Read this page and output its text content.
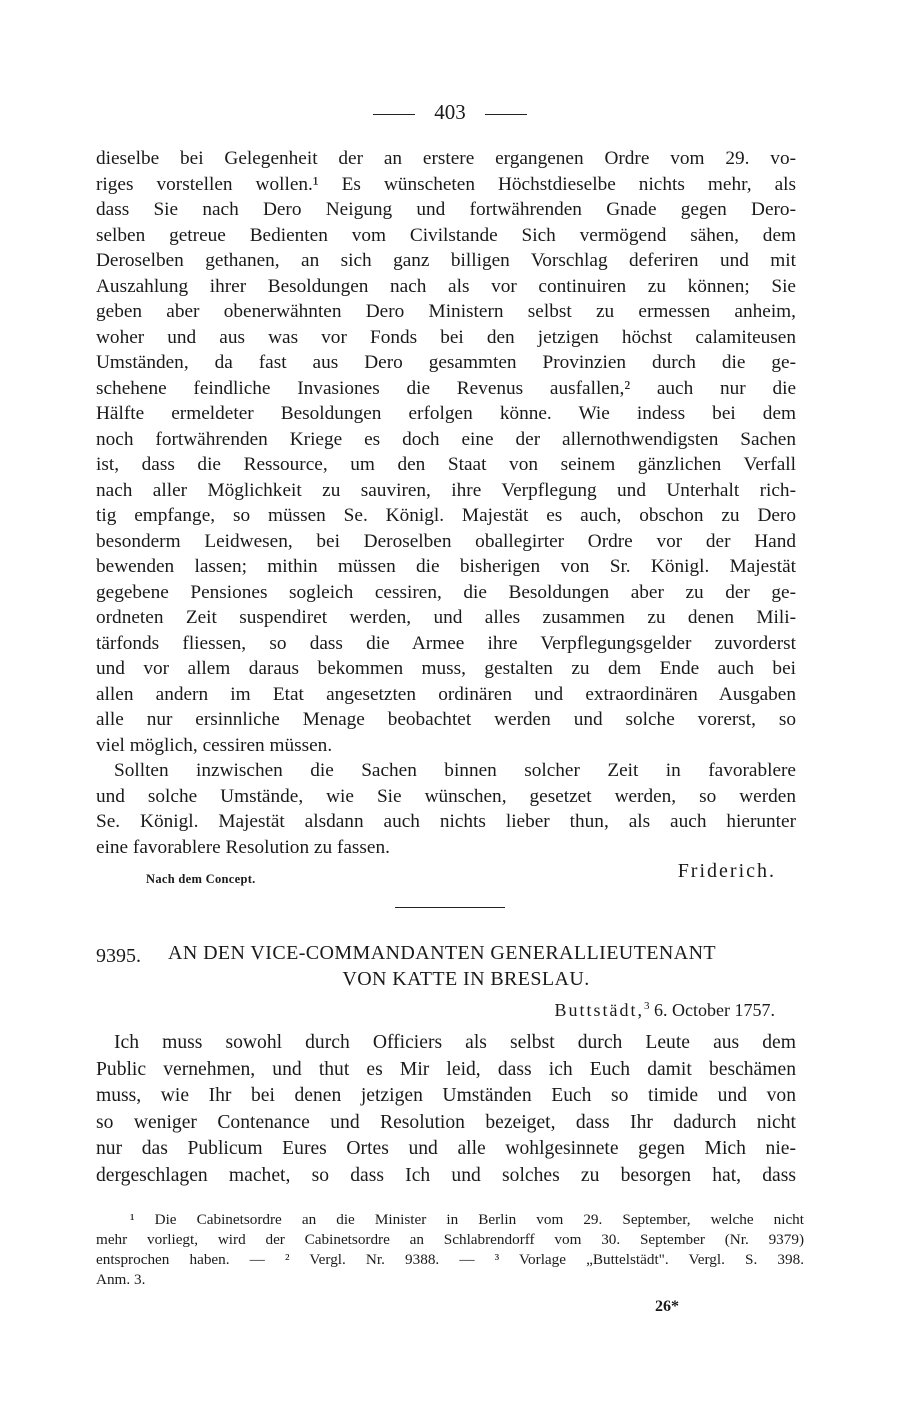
403
dieselbe bei Gelegenheit der an erstere ergangenen Ordre vom 29. vo-
riges vorstellen wollen.¹ Es wünscheten Höchstdieselbe nichts mehr, als
dass Sie nach Dero Neigung und fortwährenden Gnade gegen Dero-
selben getreue Bedienten vom Civilstande Sich vermögend sähen, dem
Deroselben gethanen, an sich ganz billigen Vorschlag deferiren und mit
Auszahlung ihrer Besoldungen nach als vor continuiren zu können; Sie
geben aber obenerwähnten Dero Ministern selbst zu ermessen anheim,
woher und aus was vor Fonds bei den jetzigen höchst calamiteusen
Umständen, da fast aus Dero gesammten Provinzien durch die ge-
schehene feindliche Invasiones die Revenus ausfallen,² auch nur die
Hälfte ermeldeter Besoldungen erfolgen könne. Wie indess bei dem
noch fortwährenden Kriege es doch eine der allernothwendigsten Sachen
ist, dass die Ressource, um den Staat von seinem gänzlichen Verfall
nach aller Möglichkeit zu sauviren, ihre Verpflegung und Unterhalt rich-
tig empfange, so müssen Se. Königl. Majestät es auch, obschon zu Dero
besonderm Leidwesen, bei Deroselben oballegirter Ordre vor der Hand
bewenden lassen; mithin müssen die bisherigen von Sr. Königl. Majestät
gegebene Pensiones sogleich cessiren, die Besoldungen aber zu der ge-
ordneten Zeit suspendiret werden, und alles zusammen zu denen Mili-
tärfonds fliessen, so dass die Armee ihre Verpflegungsgelder zuvorderst
und vor allem daraus bekommen muss, gestalten zu dem Ende auch bei
allen andern im Etat angesetzten ordinären und extraordinären Ausgaben
alle nur ersinnliche Menage beobachtet werden und solche vorerst, so
viel möglich, cessiren müssen.
Sollten inzwischen die Sachen binnen solcher Zeit in favorablere
und solche Umstände, wie Sie wünschen, gesetzet werden, so werden
Se. Königl. Majestät alsdann auch nichts lieber thun, als auch hierunter
eine favorablere Resolution zu fassen.
Nach dem Concept.	Friderich.
9395.	AN DEN VICE-COMMANDANTEN GENERALLIEUTENANT
VON KATTE IN BRESLAU.
Buttstädt,$^3$ 6. October 1757.
Ich muss sowohl durch Officiers als selbst durch Leute aus dem
Public vernehmen, und thut es Mir leid, dass ich Euch damit beschämen
muss, wie Ihr bei denen jetzigen Umständen Euch so timide und von
so weniger Contenance und Resolution bezeiget, dass Ihr dadurch nicht
nur das Publicum Eures Ortes und alle wohlgesinnete gegen Mich nie-
dergeschlagen machet, so dass Ich und solches zu besorgen hat, dass
¹ Die Cabinetsordre an die Minister in Berlin vom 29. September, welche nicht
mehr vorliegt, wird der Cabinetsordre an Schlabrendorff vom 30. September (Nr. 9379)
entsprochen haben. — ² Vergl. Nr. 9388. — ³ Vorlage „Buttelstädt". Vergl. S. 398.
Anm. 3.
26*
